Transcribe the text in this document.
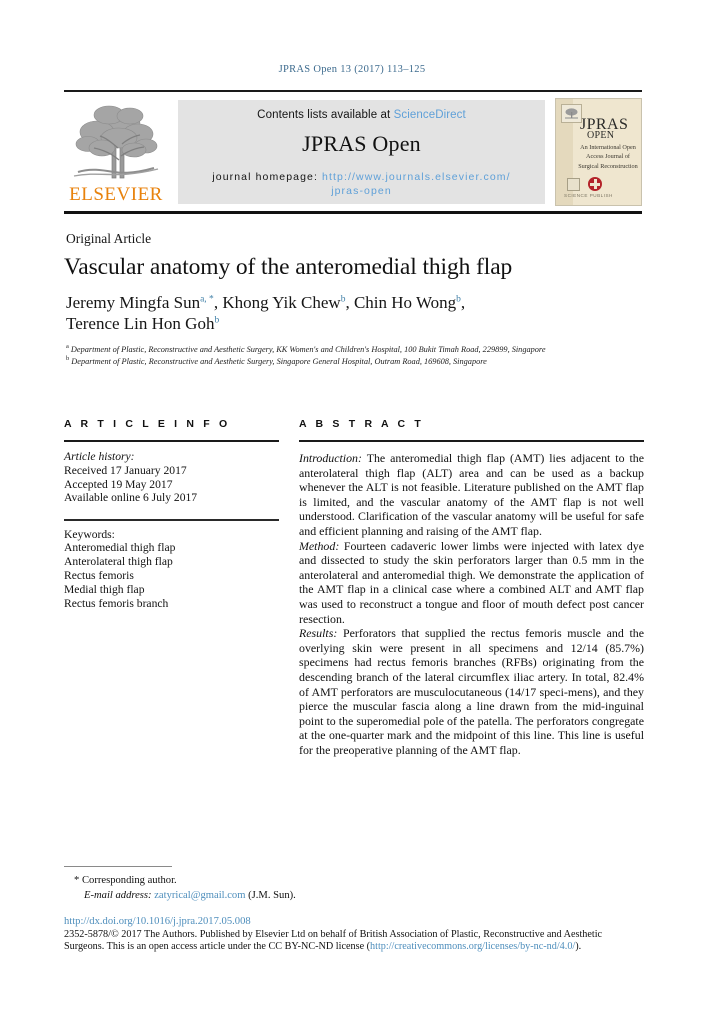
JPRAS Open 13 (2017) 113–125
ELSEVIER
Contents lists available at ScienceDirect
JPRAS Open
journal homepage: http://www.journals.elsevier.com/
jpras-open
JPRAS
OPEN
An International Open Access Journal of Surgical Reconstruction
SCIENCE PUBLISH
Original Article
Vascular anatomy of the anteromedial thigh flap
Jeremy Mingfa Sun$^{a, *}$, Khong Yik Chew$^b$, Chin Ho Wong$^b$,
Terence Lin Hon Goh$^b$
$^a$ Department of Plastic, Reconstructive and Aesthetic Surgery, KK Women's and Children's Hospital, 100 Bukit Timah Road, 229899, Singapore
$^b$ Department of Plastic, Reconstructive and Aesthetic Surgery, Singapore General Hospital, Outram Road, 169608, Singapore
A R T I C L E I N F O
Article history:
Received 17 January 2017
Accepted 19 May 2017
Available online 6 July 2017
Keywords:
Anteromedial thigh flap
Anterolateral thigh flap
Rectus femoris
Medial thigh flap
Rectus femoris branch
A B S T R A C T

Introduction: The anteromedial thigh flap (AMT) lies adjacent to the anterolateral thigh flap (ALT) area and can be used as a backup whenever the ALT is not feasible. Literature published on the AMT flap is limited, and the vascular anatomy of the AMT flap is not well understood. Clarification of the vascular anatomy will be useful for safe and efficient planning and raising of the AMT flap.

Method: Fourteen cadaveric lower limbs were injected with latex dye and dissected to study the skin perforators larger than 0.5 mm in the anterolateral and anteromedial thigh. We demonstrate the application of the AMT flap in a clinical case where a combined ALT and AMT flap was used to reconstruct a tongue and floor of mouth defect post cancer resection.

Results: Perforators that supplied the rectus femoris muscle and the overlying skin were present in all specimens and 12/14 (85.7%) specimens had rectus femoris branches (RFBs) originating from the descending branch of the lateral circumflex iliac artery. In total, 82.4% of AMT perforators are musculocutaneous (14/17 speci-mens), and they pierce the muscular fascia along a line drawn from the mid-inguinal point to the superomedial pole of the patella. The perforators congregate at the one-quarter mark and the midpoint of this line. This line is useful for the preoperative planning of the AMT flap.

* Corresponding author.
E-mail address: zatyrical@gmail.com (J.M. Sun).
http://dx.doi.org/10.1016/j.jpra.2017.05.008
2352-5878/© 2017 The Authors. Published by Elsevier Ltd on behalf of British Association of Plastic, Reconstructive and Aesthetic Surgeons. This is an open access article under the CC BY-NC-ND license (http://creativecommons.org/licenses/by-nc-nd/4.0/).
